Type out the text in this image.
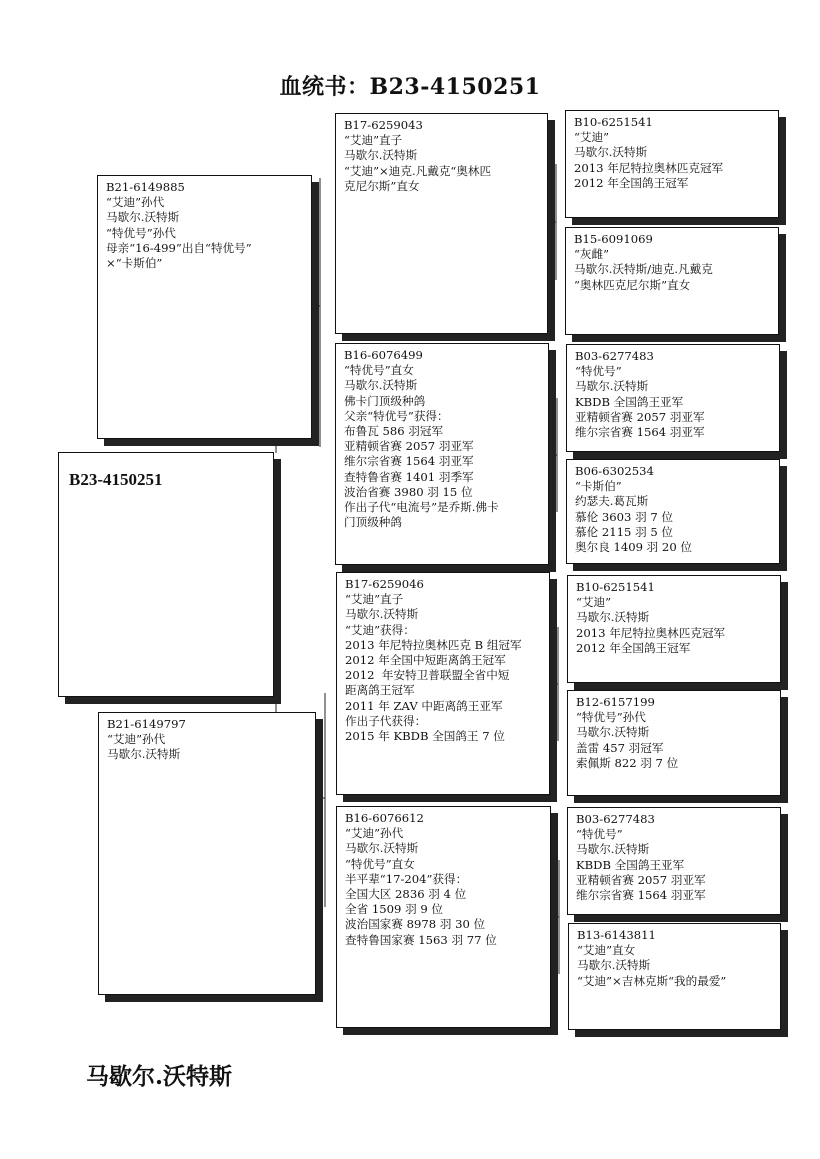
血统书：B23-4150251
B23-4150251
B21-6149885
“艾迪”孙代
马歇尔.沃特斯
“特优号”孙代
母亲“16-499”出自“特优号”
×“卡斯伯”
B21-6149797
“艾迪”孙代
马歇尔.沃特斯
B17-6259043
“艾迪”直子
马歇尔.沃特斯
“艾迪”×迪克.凡戴克“奥林匹
克尼尔斯”直女
B16-6076499
“特优号”直女
马歇尔.沃特斯
佛卡门顶级种鸽
父亲“特优号”获得：
布鲁瓦 586 羽冠军
亚精顿省赛 2057 羽亚军
维尔宗省赛 1564 羽亚军
查特鲁省赛 1401 羽季军
波治省赛 3980 羽 15 位
作出子代“电流号”是乔斯.佛卡
门顶级种鸽
B17-6259046
“艾迪”直子
马歇尔.沃特斯
“艾迪”获得：
2013 年尼特拉奥林匹克 B 组冠军
2012 年全国中短距离鸽王冠军
2012  年安特卫普联盟全省中短
距离鸽王冠军
2011 年 ZAV 中距离鸽王亚军
作出子代获得：
2015 年 KBDB 全国鸽王 7 位
B16-6076612
“艾迪”孙代
马歇尔.沃特斯
“特优号”直女
半平辈“17-204”获得：
全国大区 2836 羽 4 位
全省 1509 羽 9 位
波治国家赛 8978 羽 30 位
查特鲁国家赛 1563 羽 77 位
B10-6251541
“艾迪”
马歇尔.沃特斯
2013 年尼特拉奥林匹克冠军
2012 年全国鸽王冠军
B15-6091069
“灰雌”
马歇尔.沃特斯/迪克.凡戴克
“奥林匹克尼尔斯”直女
B03-6277483
“特优号”
马歇尔.沃特斯
KBDB 全国鸽王亚军
亚精顿省赛 2057 羽亚军
维尔宗省赛 1564 羽亚军
B06-6302534
“卡斯伯”
约瑟夫.葛瓦斯
慕伦 3603 羽 7 位
慕伦 2115 羽 5 位
奥尔良 1409 羽 20 位
B10-6251541
“艾迪”
马歇尔.沃特斯
2013 年尼特拉奥林匹克冠军
2012 年全国鸽王冠军
B12-6157199
“特优号”孙代
马歇尔.沃特斯
盖雷 457 羽冠军
索佩斯 822 羽 7 位
B03-6277483
“特优号”
马歇尔.沃特斯
KBDB 全国鸽王亚军
亚精顿省赛 2057 羽亚军
维尔宗省赛 1564 羽亚军
B13-6143811
“艾迪”直女
马歇尔.沃特斯
“艾迪”×吉林克斯“我的最爱”
马歇尔.沃特斯
